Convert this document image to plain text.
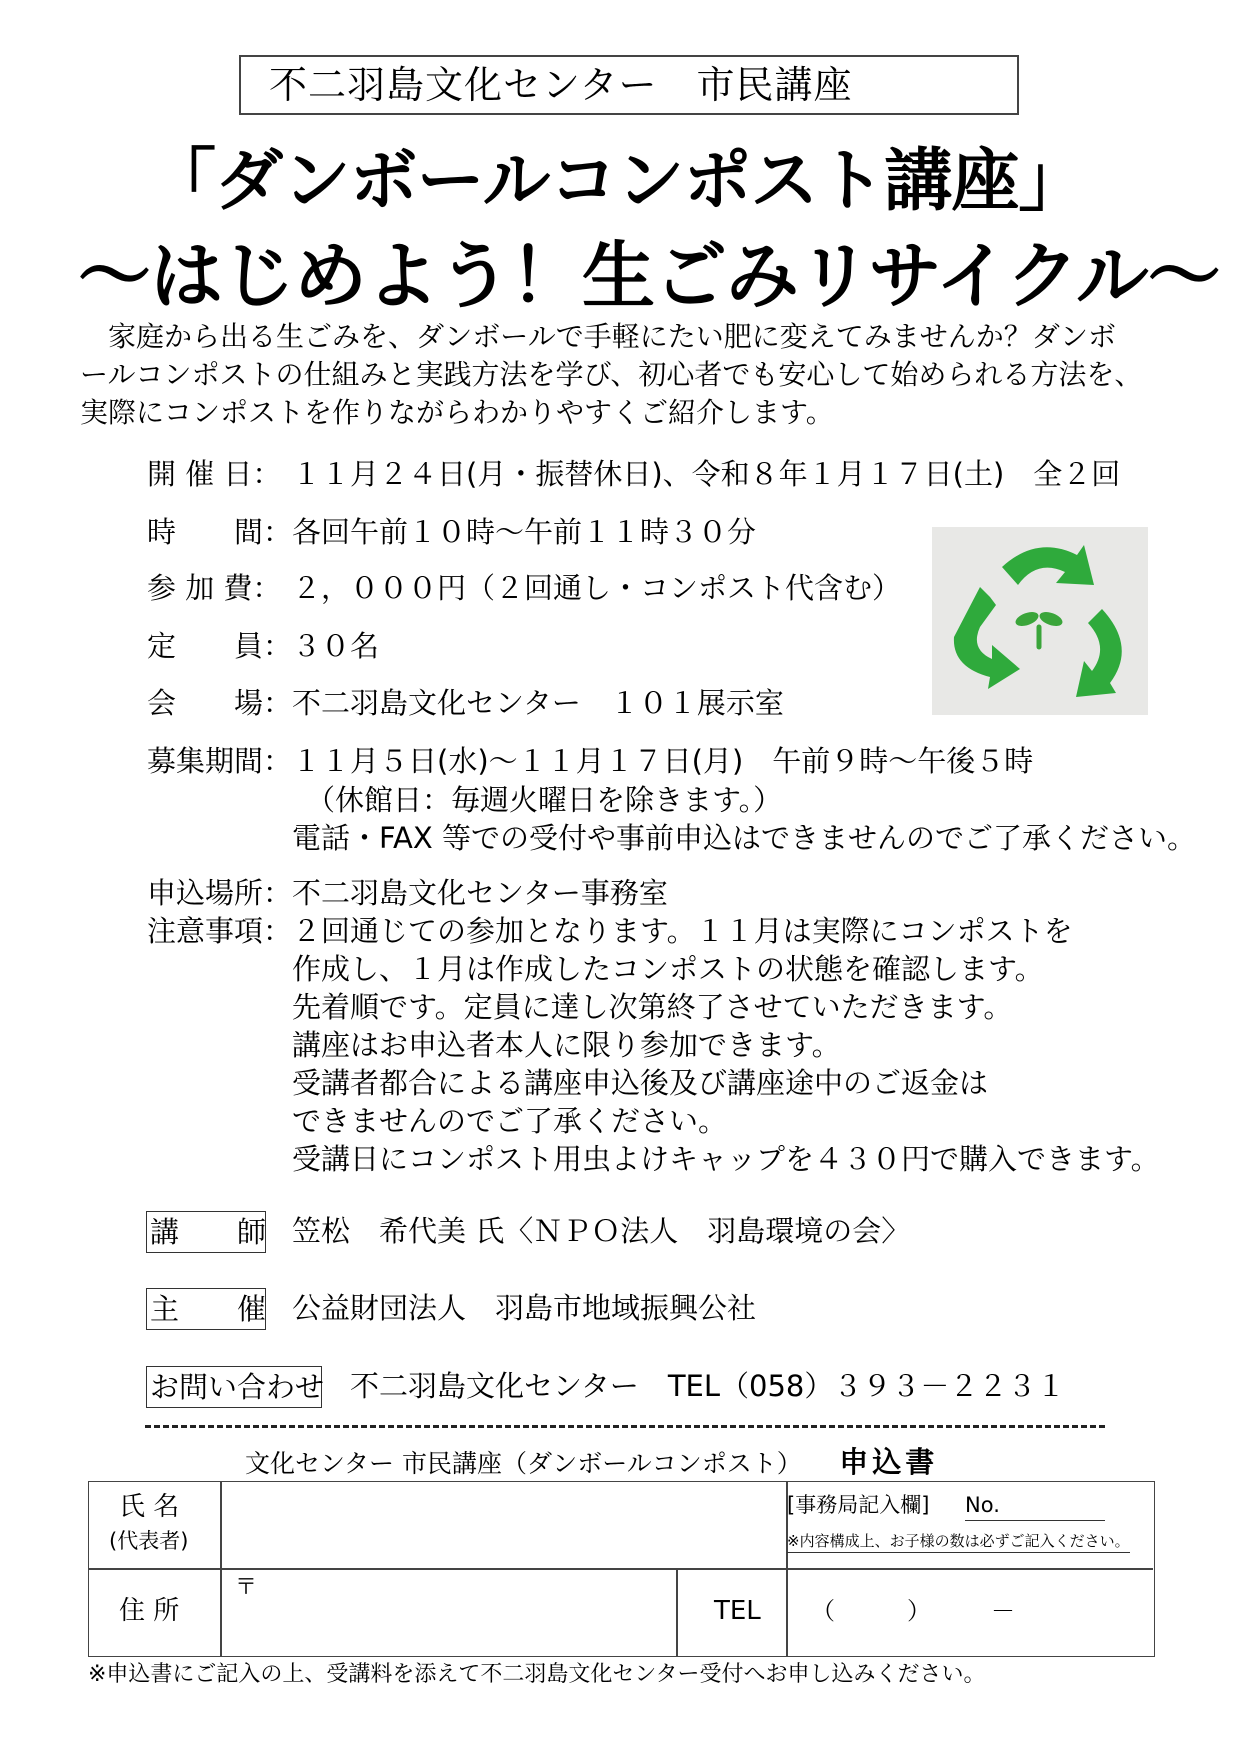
不二羽島文化センター　市民講座
「ダンボールコンポスト講座」
～はじめよう！生ごみリサイクル～
　家庭から出る生ごみを、ダンボールで手軽にたい肥に変えてみませんか？ダンボ
ールコンポストの仕組みと実践方法を学び、初心者でも安心して始められる方法を、
実際にコンポストを作りながらわかりやすくご紹介します。
開 催 日： １１月２４日(月・振替休日)、令和８年１月１７日(土)　全２回
時　　間： 各回午前１０時～午前１１時３０分
参 加 費： ２，０００円（２回通し・コンポスト代含む）
定　　員： ３０名
会　　場： 不二羽島文化センター　１０１展示室
募集期間： １１月５日(水)～１１月１７日(月)　午前９時～午後５時
（休館日：毎週火曜日を除きます。）
電話・FAX 等での受付や事前申込はできませんのでご了承ください。
申込場所： 不二羽島文化センター事務室
注意事項： ２回通じての参加となります。１１月は実際にコンポストを
作成し、１月は作成したコンポストの状態を確認します。
先着順です。定員に達し次第終了させていただきます。
講座はお申込者本人に限り参加できます。
受講者都合による講座申込後及び講座途中のご返金は
できませんのでご了承ください。
受講日にコンポスト用虫よけキャップを４３０円で購入できます。
講　　師 笠松　希代美 氏〈ＮＰＯ法人　羽島環境の会〉
主　　催 公益財団法人　羽島市地域振興公社
お問い合わせ 不二羽島文化センター　TEL（058）３９３－２２３１
文化センター 市民講座（ダンボールコンポスト）　　 申込書
氏 名
(代表者)
[事務局記入欄] No.
※内容構成上、お子様の数は必ずご記入ください。
住 所
〒
TEL （　　　）　　　－
※申込書にご記入の上、受講料を添えて不二羽島文化センター受付へお申し込みください。
